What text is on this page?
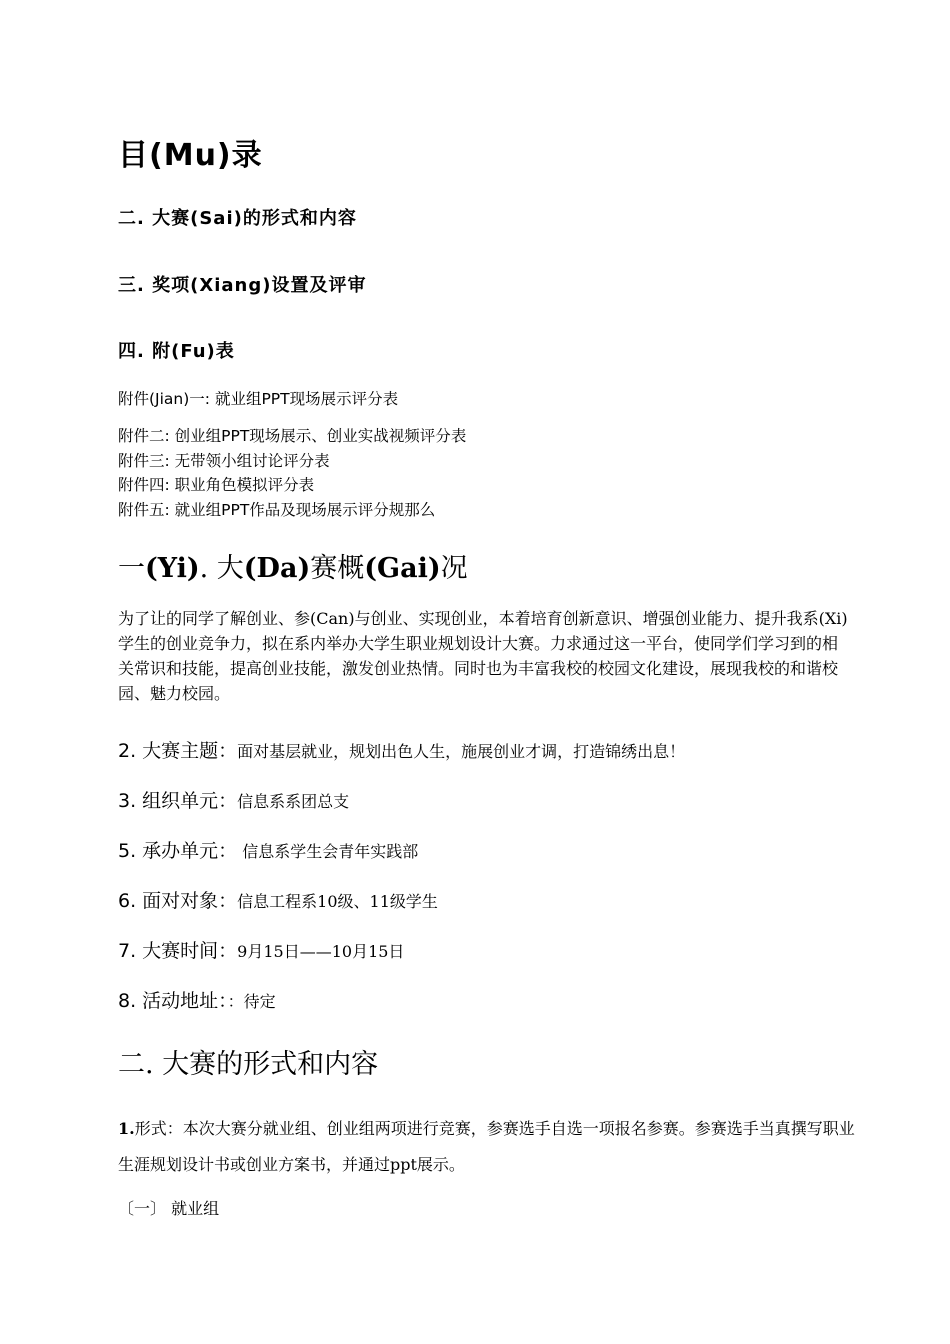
目(Mu)录
二. 大赛(Sai)的形式和内容
三. 奖项(Xiang)设置及评审
四. 附(Fu)表
附件(Jian)一: 就业组PPT现场展示评分表
附件二: 创业组PPT现场展示、创业实战视频评分表
附件三: 无带领小组讨论评分表
附件四: 职业角色模拟评分表
附件五: 就业组PPT作品及现场展示评分规那么
一(Yi). 大(Da)赛概(Gai)况
为了让的同学了解创业、参(Can)与创业、实现创业，本着培育创新意识、增强创业能力、提升我系(Xi)学生的创业竞争力，拟在系内举办大学生职业规划设计大赛。力求通过这一平台，使同学们学习到的相关常识和技能，提高创业技能，激发创业热情。同时也为丰富我校的校园文化建设，展现我校的和谐校园、魅力校园。
2. 大赛主题：面对基层就业，规划出色人生，施展创业才调，打造锦绣出息！
3. 组织单元：信息系系团总支
5. 承办单元： 信息系学生会青年实践部
6. 面对对象：信息工程系10级、11级学生
7. 大赛时间：9月15日——10月15日
8. 活动地址：：待定
二. 大赛的形式和内容
1.形式：本次大赛分就业组、创业组两项进行竞赛，参赛选手自选一项报名参赛。参赛选手当真撰写职业生涯规划设计书或创业方案书，并通过ppt展示。
〔一〕 就业组
